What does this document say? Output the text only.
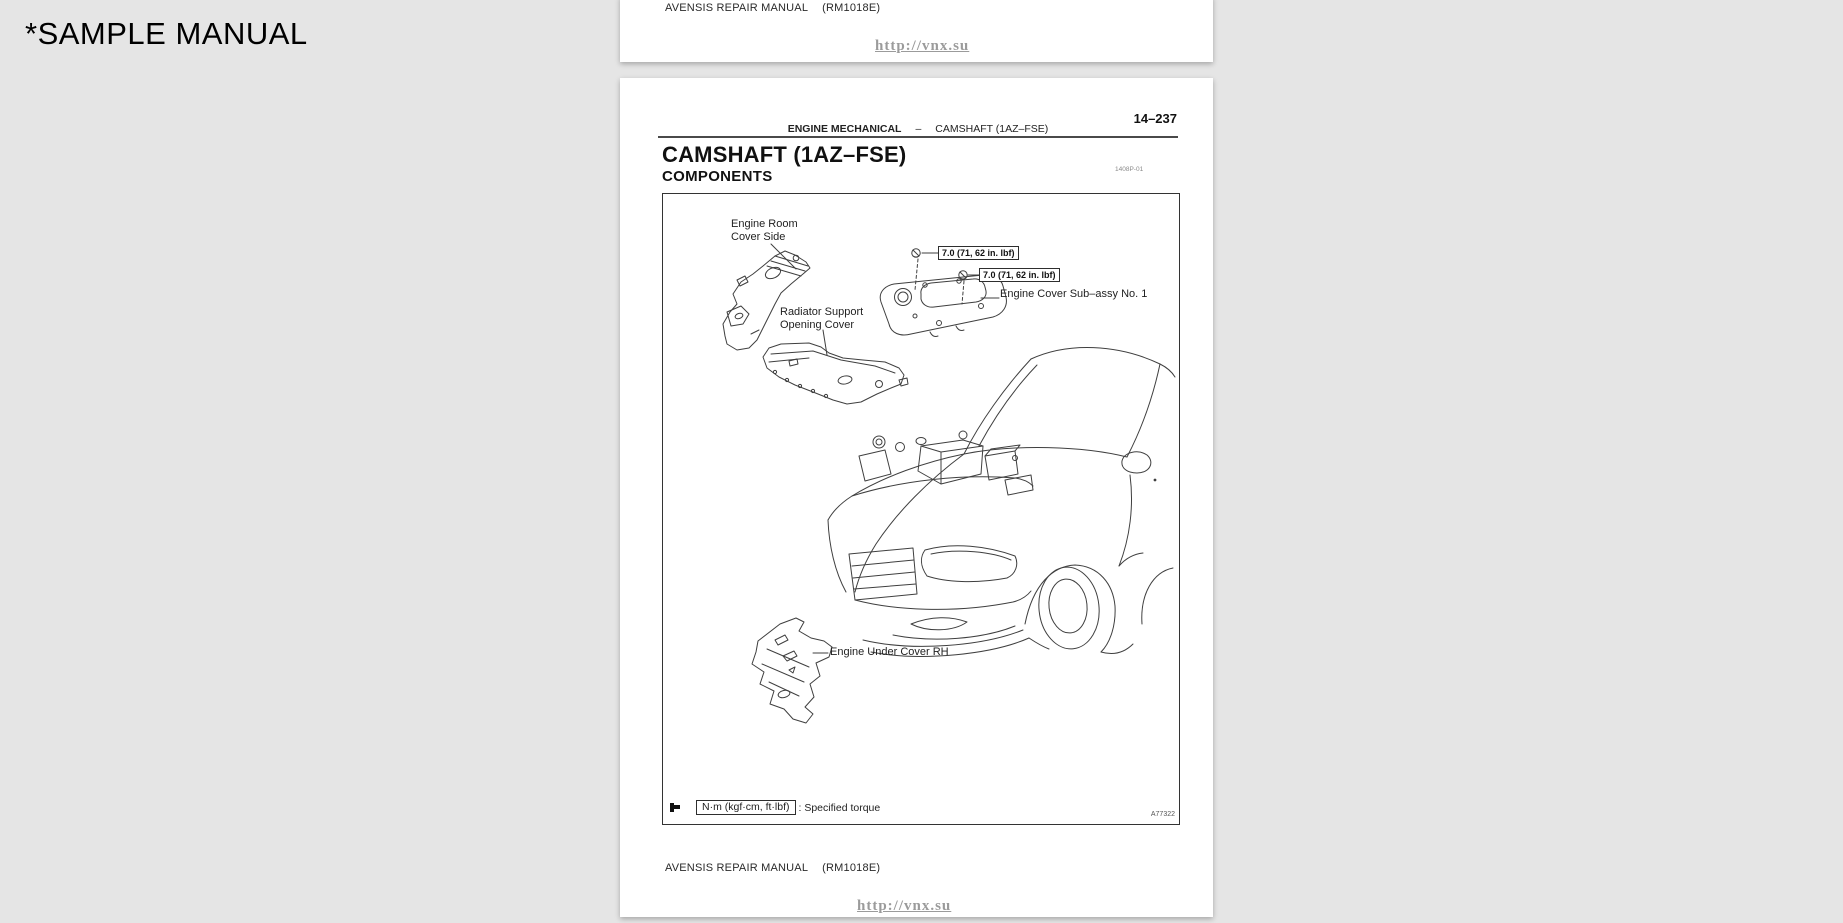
*SAMPLE MANUAL
AVENSIS REPAIR MANUAL (RM1018E)
http://vnx.su
14–237
ENGINE MECHANICAL – CAMSHAFT (1AZ–FSE)
CAMSHAFT (1AZ–FSE)
COMPONENTS	1408P-01
Engine Room
Cover Side
Radiator Support
Opening Cover
7.0 (71, 62 in. lbf)
7.0 (71, 62 in. lbf)
Engine Cover Sub–assy No. 1
Engine Under Cover RH
N·m (kgf·cm, ft·lbf) : Specified torque
A77322
AVENSIS REPAIR MANUAL (RM1018E)
http://vnx.su
